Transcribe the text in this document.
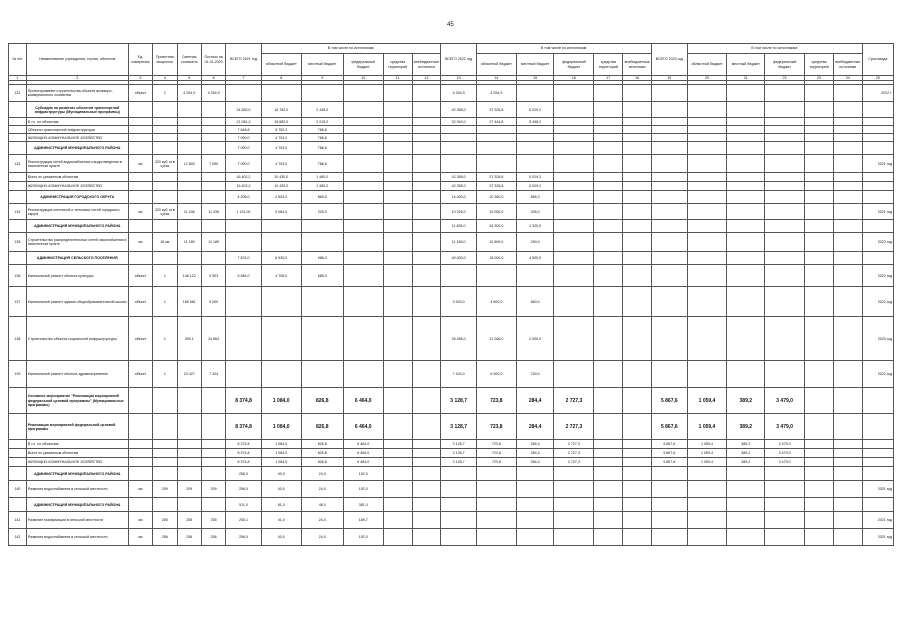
45
№ п/п	Наименование учреждения, строек, объектов	Ед. измерения	Проектная мощность	Сметная стоимость	Остаток на 01.01.2020	ВСЕГО 2021 год	В том числе по источникам:					ВСЕГО 2022 год	В том числе по источникам:					ВСЕГО 2023 год	В том числе по источникам:					Срок ввода
							областной бюджет	местный бюджет	федеральный бюджет	средства территорий	внебюджетные источники		областной бюджет	местный бюджет	федеральный бюджет	средства территорий	внебюджетные источники		областной бюджет	местный бюджет	федеральный бюджет	средства территорий	внебюджетные источники	
1	2	3	4	5	6	7	8	9	10	11	12	13	14	15	16	17	18	19	20	21	22	23	24	25

132	Проектирование строительства объекта жилищно-коммунального хозяйства	объект	1	4 254,9	4 254,9							4 254,9	4 254,9											2022 г.
	Субсидия на развитие объектов транспортной инфраструктуры (Муниципальные программы)					24 830,0	16 782,0	2 448,0				42 358,0	37 328,8	5 029,2										
	В т.ч. по объектам:					21 081,2	15 682,0	2 019,2				32 943,0	27 444,8	5 498,2										
	Объекты транспортной инфраструктуры					7 648,8	5 752,2	786,6																
	ЖИЛИЩНО-КОММУНАЛЬНОЕ ХОЗЯЙСТВО					7 090,0	4 703,0	786,6																
	АДМИНИСТРАЦИЯ МУНИЦИПАЛЬНОГО РАЙОНА					7 090,0	4 703,0	786,6																
133	Реконструкция сетей водоснабжения и водоотведения в населенном пункте	км	320 куб. м в сутки	12 800	7 090	7 090,0	4 703,0	786,6																2021 год
	Всего по указанным объектам					16 402,2	10 430,0	1 480,0				42 358,0	37 328,8	5 029,2										
	ЖИЛИЩНО-КОММУНАЛЬНОЕ ХОЗЯЙСТВО					16 402,2	10 430,0	1 480,0				42 358,0	37 328,8	5 029,2										
	АДМИНИСТРАЦИЯ ГОРОДСКОГО ОКРУГА					4 208,0	2 654,0	865,0				14 400,0	10 360,0	866,0										
134	Реконструкция котельной и тепловых сетей городского округа	км	320 куб. м в сутки	11 436	11 436	1 131,00	9 084,0	225,0				10 326,0	10 000,0	326,0										2021 год
	АДМИНИСТРАЦИЯ МУНИЦИПАЛЬНОГО РАЙОНА											11 835,0	16 300,0	1 320,0										
135	Строительство распределительных сетей газоснабжения в населенном пункте	км	18 км	11 189	11 189							11 189,0	10 899,0	290,0										2022 год
	АДМИНИСТРАЦИЯ СЕЛЬСКОГО ПОСЕЛЕНИЯ					7 874,0	6 630,0	986,0				40 400,0	18 000,0	4 000,0										
136	Капитальный ремонт объекта культуры	объект	1	146 122	9 503	5 984,0	4 708,0	685,0																2022 год
137	Капитальный ремонт здания общеобразовательной школы	объект	1	185 661	9 200							3 403,0	4 600,0	660,0										2022 год
138	Строительство объекта социальной инфраструктуры	объект	1	394 1	24 864							26 456,0	21 266,0	2 005,0										2023 год
139	Капитальный ремонт объекта здравоохранения	объект	1	23 427	7 424							7 424,0	6 000,0	740,0										2022 год
	Основное мероприятие "Реализация мероприятий федеральной целевой программы" (Муниципальные программы)					8 374,8	1 084,0	826,8	6 464,0			3 128,7	723,8	284,4	2 727,3			5 867,6	1 059,4	389,2	3 479,0			
	Реализация мероприятий федеральной целевой программы					8 374,8	1 084,0	826,8	6 464,0			3 128,7	723,8	284,4	2 727,3			5 867,6	1 059,4	389,2	3 479,0			
	В т.ч. по объектам:					8 374,8	1 084,0	826,8	6 464,0			3 128,7	723,8	284,4	2 727,3			5 867,6	1 059,4	389,2	3 479,0			
	Всего по указанным объектам					8 374,8	1 084,0	826,8	6 464,0			3 128,7	723,8	284,4	2 727,3			5 867,6	1 059,4	389,2	3 479,0			
	ЖИЛИЩНО-КОММУНАЛЬНОЕ ХОЗЯЙСТВО					8 374,8	1 084,0	826,8	6 464,0			3 128,7	723,8	284,4	2 727,3			5 867,6	1 059,4	389,2	3 479,0			
	АДМИНИСТРАЦИЯ МУНИЦИПАЛЬНОГО РАЙОНА					256,0	40,0	24,0	192,0															
140	Развитие водоснабжения в сельской местности	км	209	209	209	256,0	40,0	24,0	192,0															2021 год
	АДМИНИСТРАЦИЯ МУНИЦИПАЛЬНОГО РАЙОНА					511,0	81,0	48,0	381,0															
141	Развитие газификации в сельской местности	км	255	255	255	255,1	41,0	24,4	189,7															2021 год
142	Развитие водоснабжения в сельской местности	км	256	256	256	256,0	40,0	24,0	192,0															2021 год
